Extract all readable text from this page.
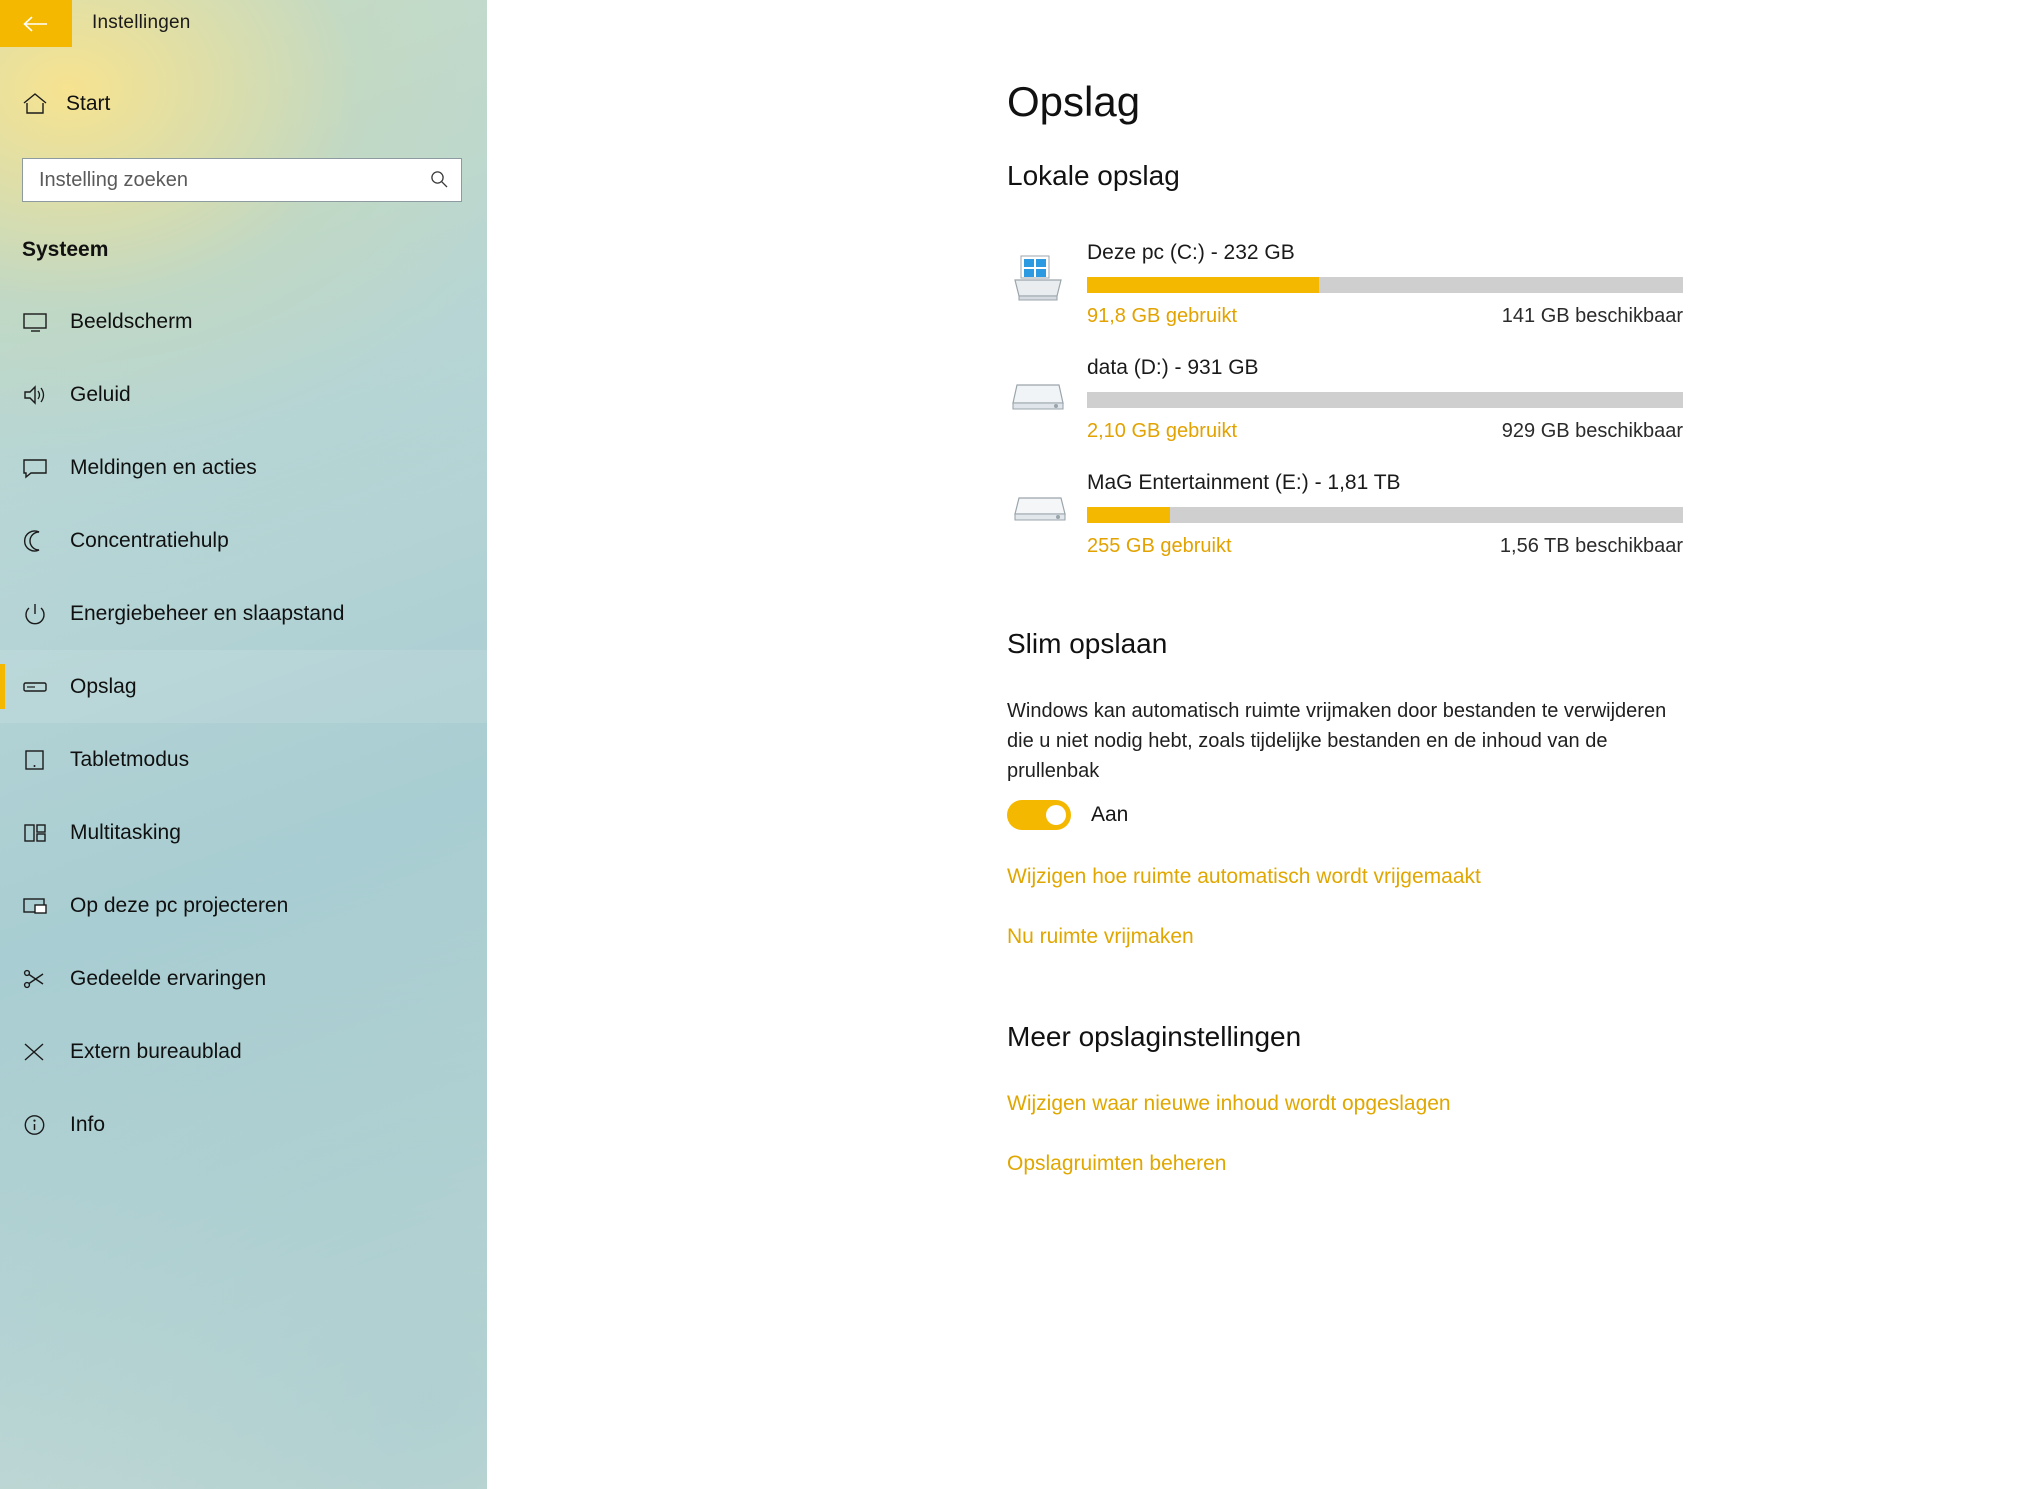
Instellingen
Start
Instelling zoeken
Systeem
Beeldscherm
Geluid
Meldingen en acties
Concentratiehulp
Energiebeheer en slaapstand
Opslag
Tabletmodus
Multitasking
Op deze pc projecteren
Gedeelde ervaringen
Extern bureaublad
Info
Opslag
Lokale opslag
Deze pc (C:) - 232 GB
91,8 GB gebruikt	141 GB beschikbaar
data (D:) - 931 GB
2,10 GB gebruikt	929 GB beschikbaar
MaG Entertainment (E:) - 1,81 TB
255 GB gebruikt	1,56 TB beschikbaar
Slim opslaan
Windows kan automatisch ruimte vrijmaken door bestanden te verwijderen die u niet nodig hebt, zoals tijdelijke bestanden en de inhoud van de prullenbak
Aan
Wijzigen hoe ruimte automatisch wordt vrijgemaakt
Nu ruimte vrijmaken
Meer opslaginstellingen
Wijzigen waar nieuwe inhoud wordt opgeslagen
Opslagruimten beheren
